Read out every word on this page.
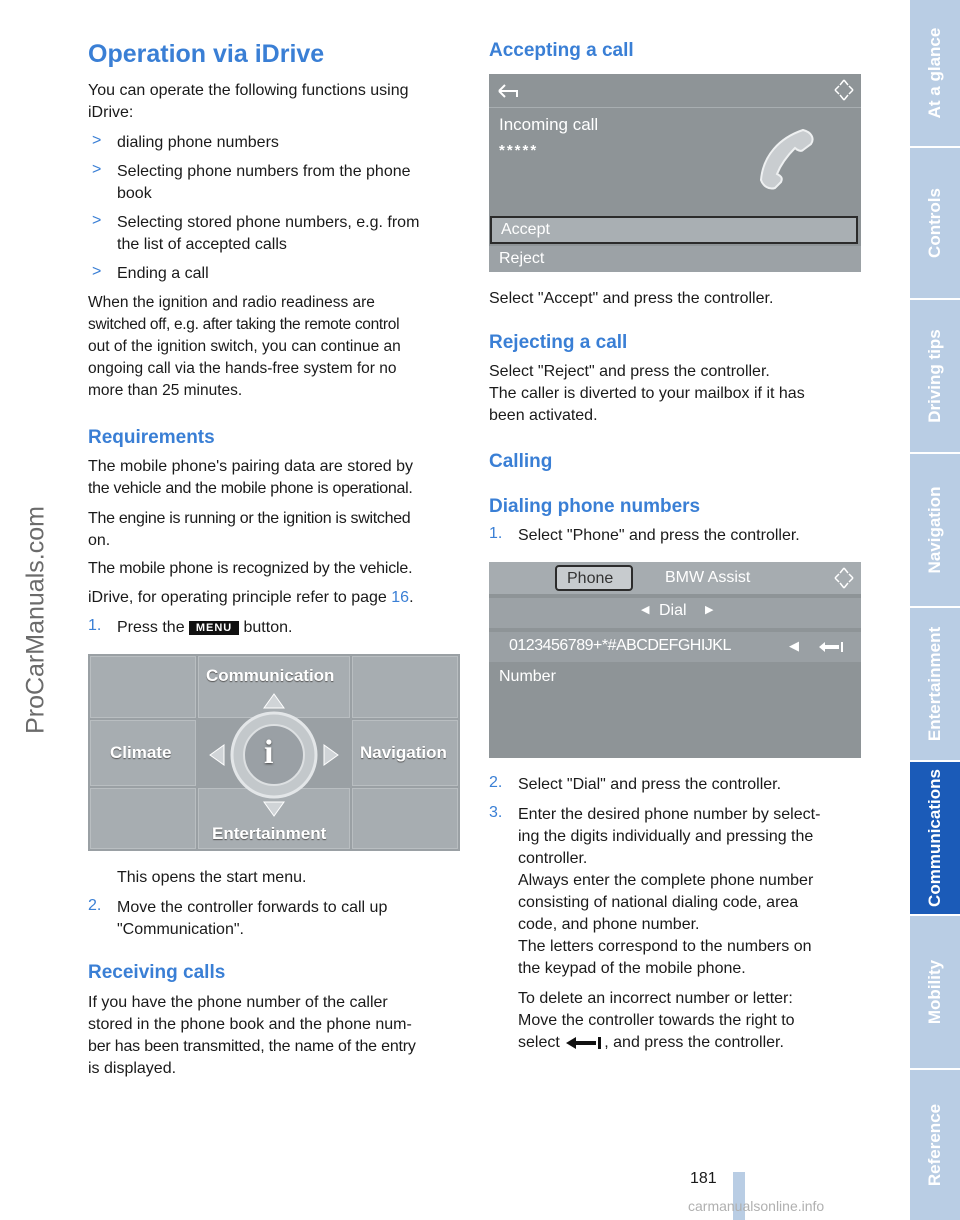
ProCarManuals.com
Operation via iDrive

You can operate the following functions using

iDrive:

> dialing phone numbers

> Selecting phone numbers from the phone

book

> Selecting stored phone numbers, e.g. from

the list of accepted calls

> Ending a call

When the ignition and radio readiness are

switched off, e.g. after taking the remote control

out of the ignition switch, you can continue an

ongoing call via the hands-free system for no

more than 25 minutes.

Requirements

The mobile phone's pairing data are stored by

the vehicle and the mobile phone is operational.

The engine is running or the ignition is switched

on.

The mobile phone is recognized by the vehicle.

iDrive, for operating principle refer to page 16.

1. Press the MENU button.

Communication
Climate	Navigation
Entertainment
i

This opens the start menu.

2. Move the controller forwards to call up

"Communication".

Receiving calls

If you have the phone number of the caller

stored in the phone book and the phone num-

ber has been transmitted, the name of the entry

is displayed.

Accepting a call
Incoming call
*****
Accept
Reject

Select "Accept" and press the controller.

Rejecting a call

Select "Reject" and press the controller.

The caller is diverted to your mailbox if it has

been activated.

Calling
Dialing phone numbers
1. Select "Phone" and press the controller.

Phone	BMW Assist
◀ Dial ▶
0123456789+*#ABCDEFGHIJKL	◀
Number
2. Select "Dial" and press the controller.

3. Enter the desired phone number by select-

ing the digits individually and pressing the

controller.

Always enter the complete phone number

consisting of national dialing code, area

code, and phone number.

The letters correspond to the numbers on

the keypad of the mobile phone.

To delete an incorrect number or letter:

Move the controller towards the right to

select	, and press the controller.

At a glance
Controls
Driving tips
Navigation
Entertainment
Communications
Mobility
Reference
181
carmanualsonline.info
